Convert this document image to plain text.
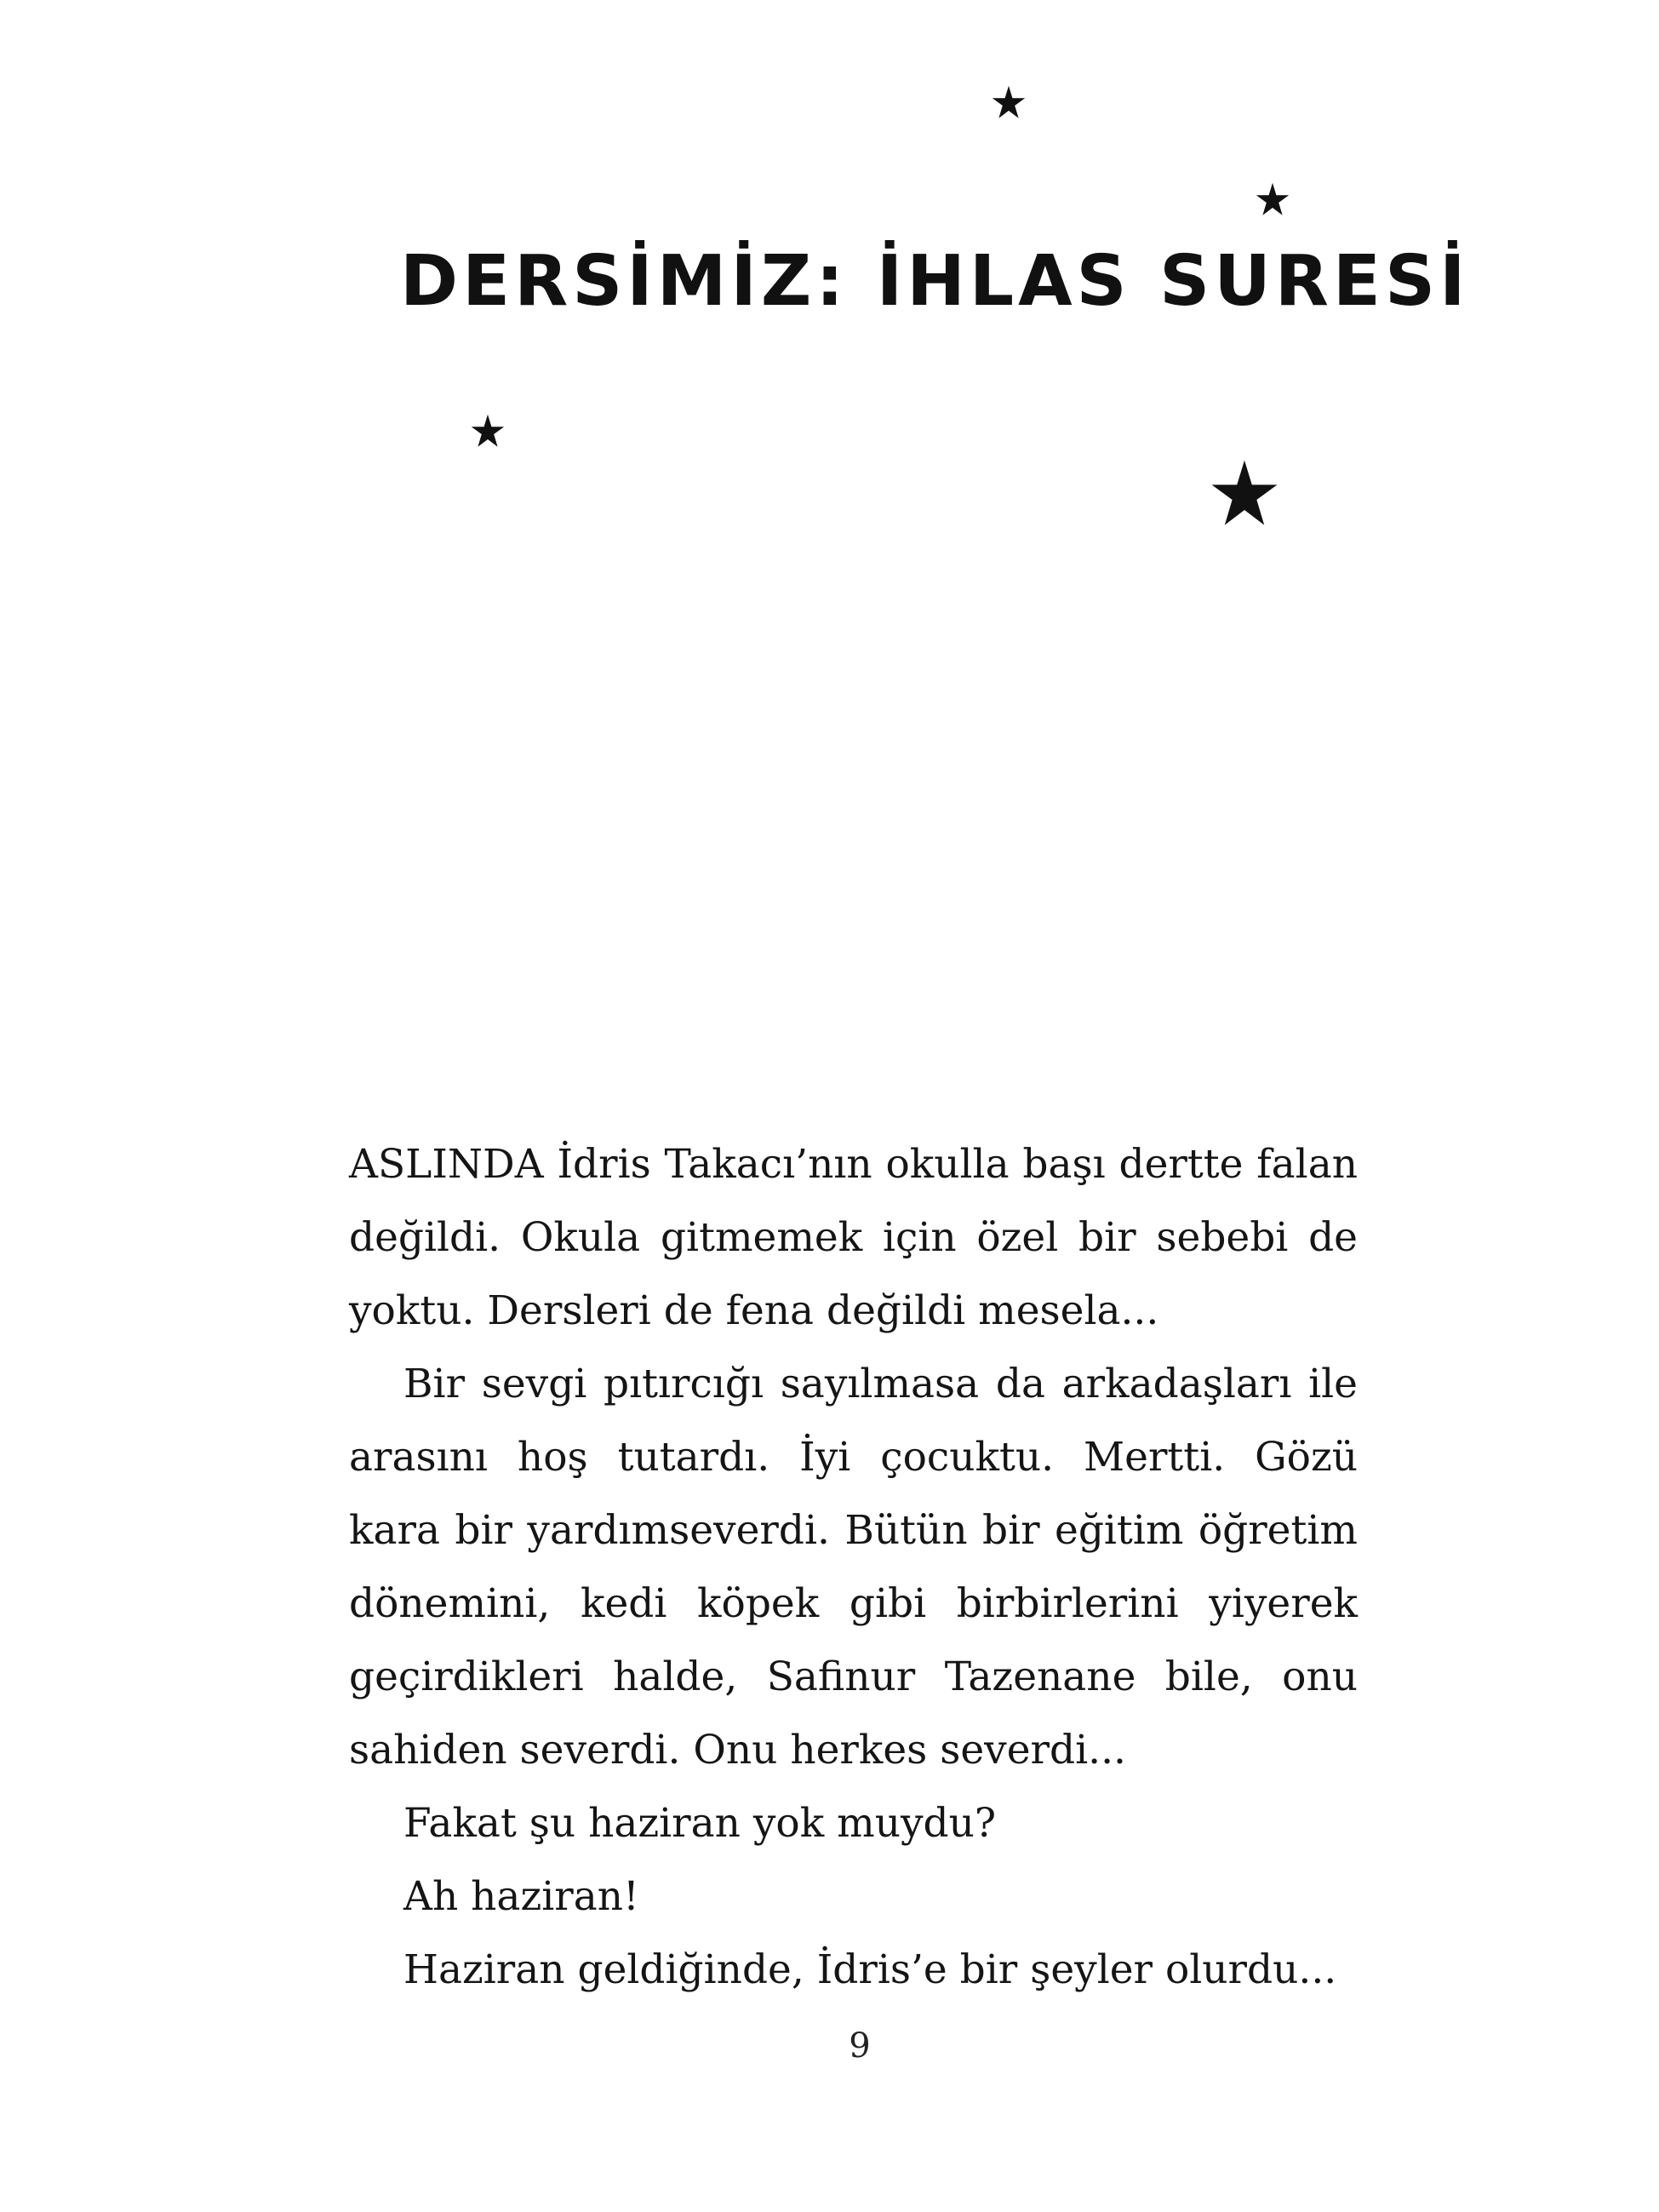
DERSİMİZ: İHLAS SURESİ

ASLINDA İdris Takacı’nın okulla başı dertte falan değildi. Okula gitmemek için özel bir sebebi de yoktu. Dersleri de fena değildi mesela...

Bir sevgi pıtırcığı sayılmasa da arkadaşları ile arasını hoş tutardı. İyi çocuktu. Mertti. Gözü kara bir yardımseverdi. Bütün bir eğitim öğretim dönemini, kedi köpek gibi birbirlerini yiyerek geçirdikleri halde, Safinur Tazenane bile, onu sahiden severdi. Onu herkes severdi...

Fakat şu haziran yok muydu?

Ah haziran!

Haziran geldiğinde, İdris’e bir şeyler olurdu...

9
